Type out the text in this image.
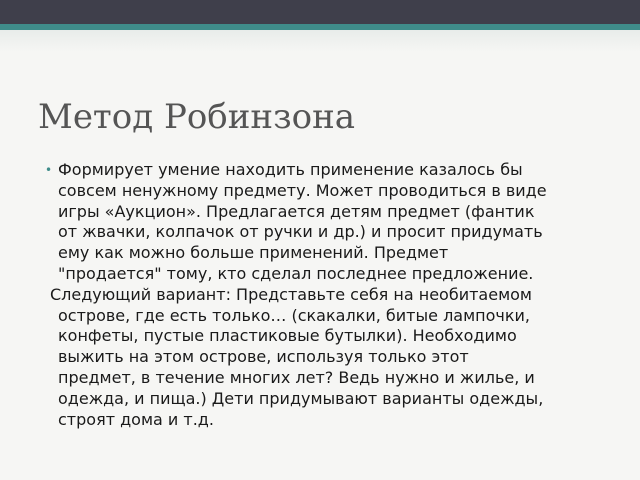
Метод Робинзона

• Формирует умение находить применение казалось бы

совсем ненужному предмету. Может проводиться в виде

игры «Аукцион». Предлагается детям предмет (фантик

от жвачки, колпачок от ручки и др.) и просит придумать

ему как можно больше применений. Предмет

"продается" тому, кто сделал последнее предложение.

Следующий вариант: Представьте себя на необитаемом

острове, где есть только… (скакалки, битые лампочки,

конфеты, пустые пластиковые бутылки). Необходимо

выжить на этом острове, используя только этот

предмет, в течение многих лет? Ведь нужно и жилье, и

одежда, и пища.) Дети придумывают варианты одежды,

строят дома и т.д.
